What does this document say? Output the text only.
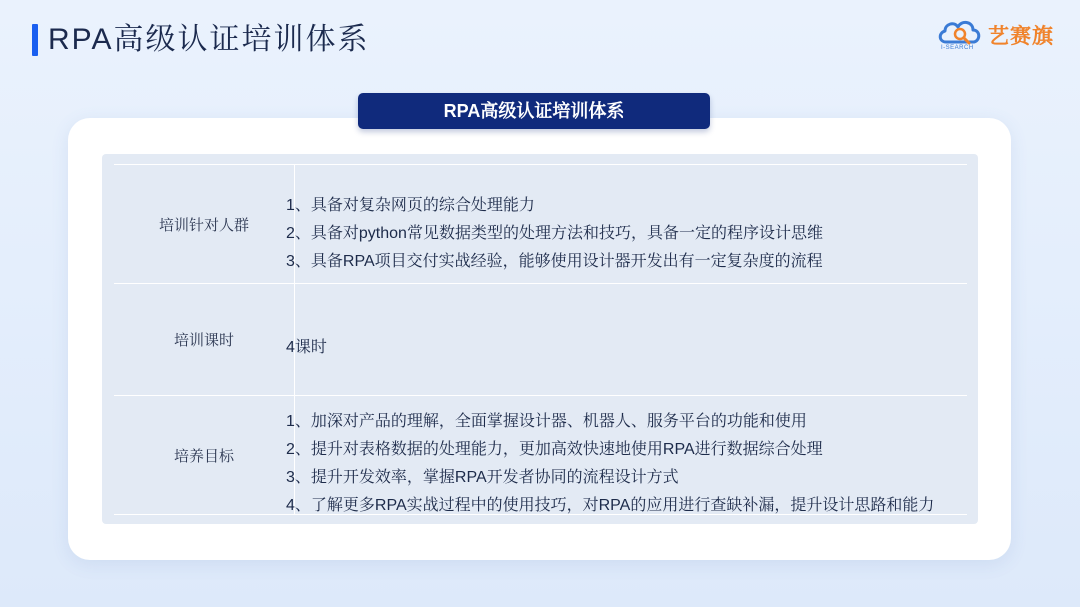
RPA高级认证培训体系	I-SEARCH 艺赛旗
RPA高级认证培训体系
培训针对人群
1、具备对复杂网页的综合处理能力
2、具备对python常见数据类型的处理方法和技巧，具备一定的程序设计思维
3、具备RPA项目交付实战经验，能够使用设计器开发出有一定复杂度的流程
培训课时	4课时
培养目标
1、加深对产品的理解，全面掌握设计器、机器人、服务平台的功能和使用
2、提升对表格数据的处理能力，更加高效快速地使用RPA进行数据综合处理
3、提升开发效率，掌握RPA开发者协同的流程设计方式
4、了解更多RPA实战过程中的使用技巧，对RPA的应用进行查缺补漏，提升设计思路和能力
